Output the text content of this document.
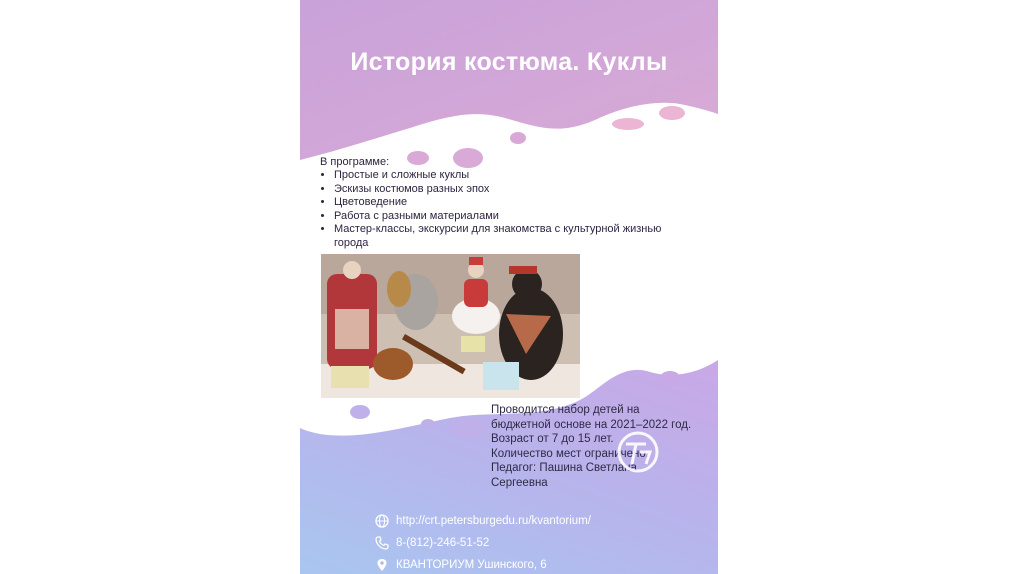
История костюма. Куклы
В программе:
• Простые и сложные куклы
• Эскизы костюмов разных эпох
• Цветоведение
• Работа с разными материалами
• Мастер-классы, экскурсии для знакомства с культурной жизнью города
Проводится набор детей на
бюджетной основе на 2021–2022 год.
Возраст от 7 до 15 лет.
Количество мест ограничено.
Педагог: Пашина Светлана
Сергеевна
http://crt.petersburgedu.ru/kvantorium/
8-(812)-246-51-52
КВАНТОРИУМ Ушинского, 6
